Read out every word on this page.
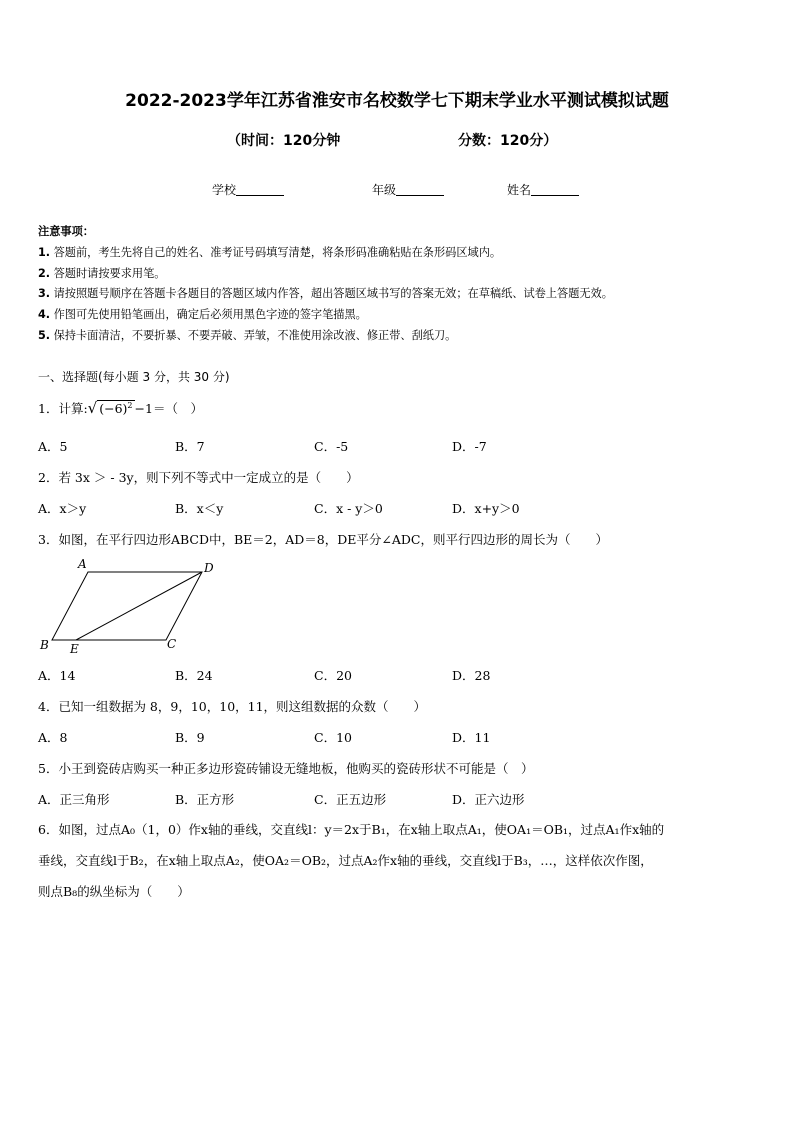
2022-2023学年江苏省淮安市名校数学七下期末学业水平测试模拟试题
（时间：120分钟	分数：120分）
学校	年级	姓名
注意事项：
1. 答题前，考生先将自己的姓名、准考证号码填写清楚，将条形码准确粘贴在条形码区域内。
2. 答题时请按要求用笔。
3. 请按照题号顺序在答题卡各题目的答题区域内作答，超出答题区域书写的答案无效；在草稿纸、试卷上答题无效。
4. 作图可先使用铅笔画出，确定后必须用黑色字迹的签字笔描黑。
5. 保持卡面清洁，不要折暴、不要弄破、弄皱，不准使用涂改液、修正带、刮纸刀。
一、选择题(每小题 3 分，共 30 分)
1．计算:√ $(-6)^2 -1=$（　）
A．5	B．7	C．-5	D．-7
2．若 3x ＞ - 3y，则下列不等式中一定成立的是（　　）
A．x＞y	B．x＜y	C．x - y＞0	D．x+y＞0
3．如图，在平行四边形ABCD中，BE＝2，AD＝8，DE平分∠ADC，则平行四边形的周长为（　　）
A	D
B	C
E
A．14	B．24	C．20	D．28
4．已知一组数据为 8，9，10，10，11，则这组数据的众数（　　）
A．8	B．9	C．10	D．11
5．小王到瓷砖店购买一种正多边形瓷砖铺设无缝地板，他购买的瓷砖形状不可能是（　）
A．正三角形	B．正方形	C．正五边形	D．正六边形
6．如图，过点A₀（1，0）作x轴的垂线，交直线l：y＝2x于B₁，在x轴上取点A₁，使OA₁＝OB₁，过点A₁作x轴的
垂线，交直线l于B₂，在x轴上取点A₂，使OA₂＝OB₂，过点A₂作x轴的垂线，交直线l于B₃，…，这样依次作图，
则点B₈的纵坐标为（　　）
